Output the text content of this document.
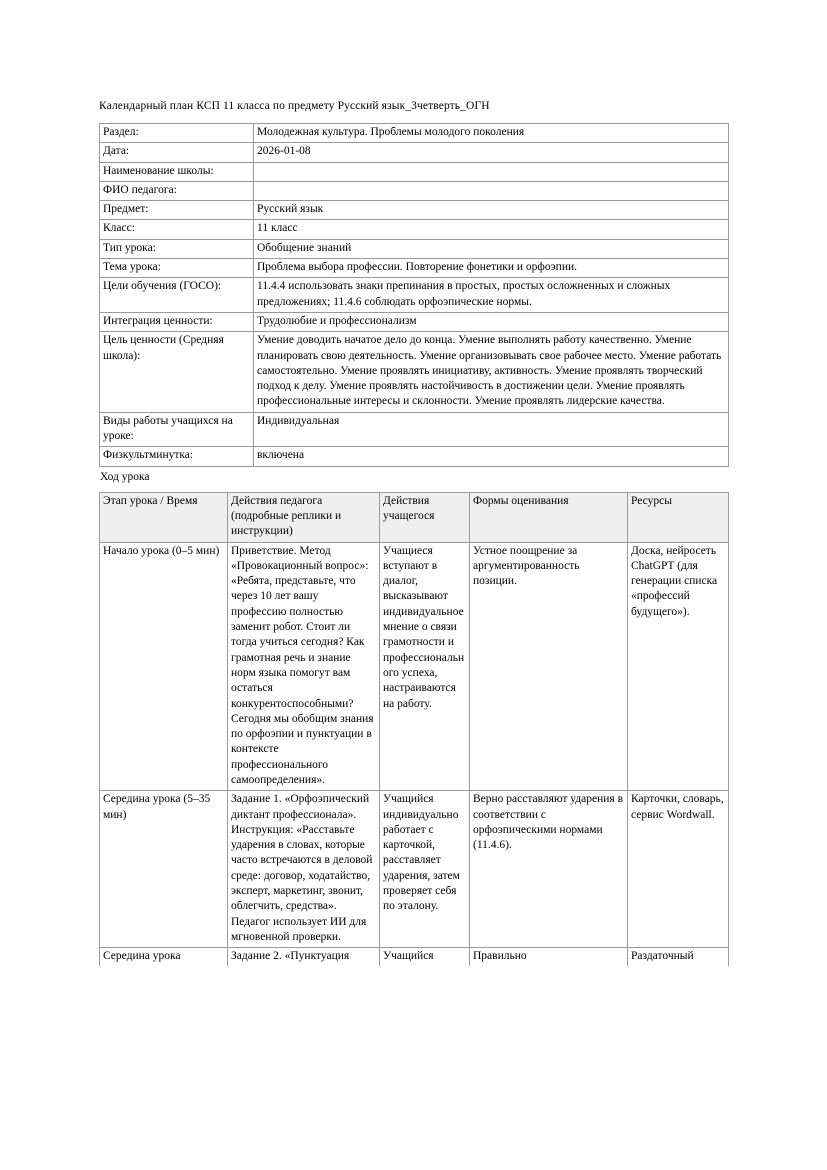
Календарный план КСП 11 класса по предмету Русский язык_3четверть_ОГН
Раздел:	Молодежная культура. Проблемы молодого поколения
Дата:	2026-01-08
Наименование школы:	
ФИО педагога:	
Предмет:	Русский язык
Класс:	11 класс
Тип урока:	Обобщение знаний
Тема урока:	Проблема выбора профессии. Повторение фонетики и орфоэпии.
Цели обучения (ГОСО):	11.4.4 использовать знаки препинания в простых, простых осложненных и сложных предложениях; 11.4.6 соблюдать орфоэпические нормы.
Интеграция ценности:	Трудолюбие и профессионализм
Цель ценности (Средняя школа):	Умение доводить начатое дело до конца. Умение выполнять работу качественно. Умение планировать свою деятельность. Умение организовывать свое рабочее место. Умение работать самостоятельно. Умение проявлять инициативу, активность. Умение проявлять творческий подход к делу. Умение проявлять настойчивость в достижении цели. Умение проявлять профессиональные интересы и склонности. Умение проявлять лидерские качества.
Виды работы учащихся на уроке:	Индивидуальная
Физкультминутка:	включена
Ход урока
Этап урока / Время	Действия педагога (подробные реплики и инструкции)	Действия учащегося	Формы оценивания	Ресурсы
Начало урока (0–5 мин)	Приветствие. Метод «Провокационный вопрос»: «Ребята, представьте, что через 10 лет вашу профессию полностью заменит робот. Стоит ли тогда учиться сегодня? Как грамотная речь и знание норм языка помогут вам остаться конкурентоспособными? Сегодня мы обобщим знания по орфоэпии и пунктуации в контексте профессионального самоопределения».	Учащиеся вступают в диалог, высказывают индивидуальное мнение о связи грамотности и профессионального успеха, настраиваются на работу.	Устное поощрение за аргументированность позиции.	Доска, нейросеть ChatGPT (для генерации списка «профессий будущего»).
Середина урока (5–35 мин)	Задание 1. «Орфоэпический диктант профессионала». Инструкция: «Расставьте ударения в словах, которые часто встречаются в деловой среде: договор, ходатайство, эксперт, маркетинг, звонит, облегчить, средства». Педагог использует ИИ для мгновенной проверки.	Учащийся индивидуально работает с карточкой, расставляет ударения, затем проверяет себя по эталону.	Верно расставляют ударения в соответствии с орфоэпическими нормами (11.4.6).	Карточки, словарь, сервис Wordwall.

Середина урока	Задание 2. «Пунктуация	Учащийся	Правильно	Раздаточный
